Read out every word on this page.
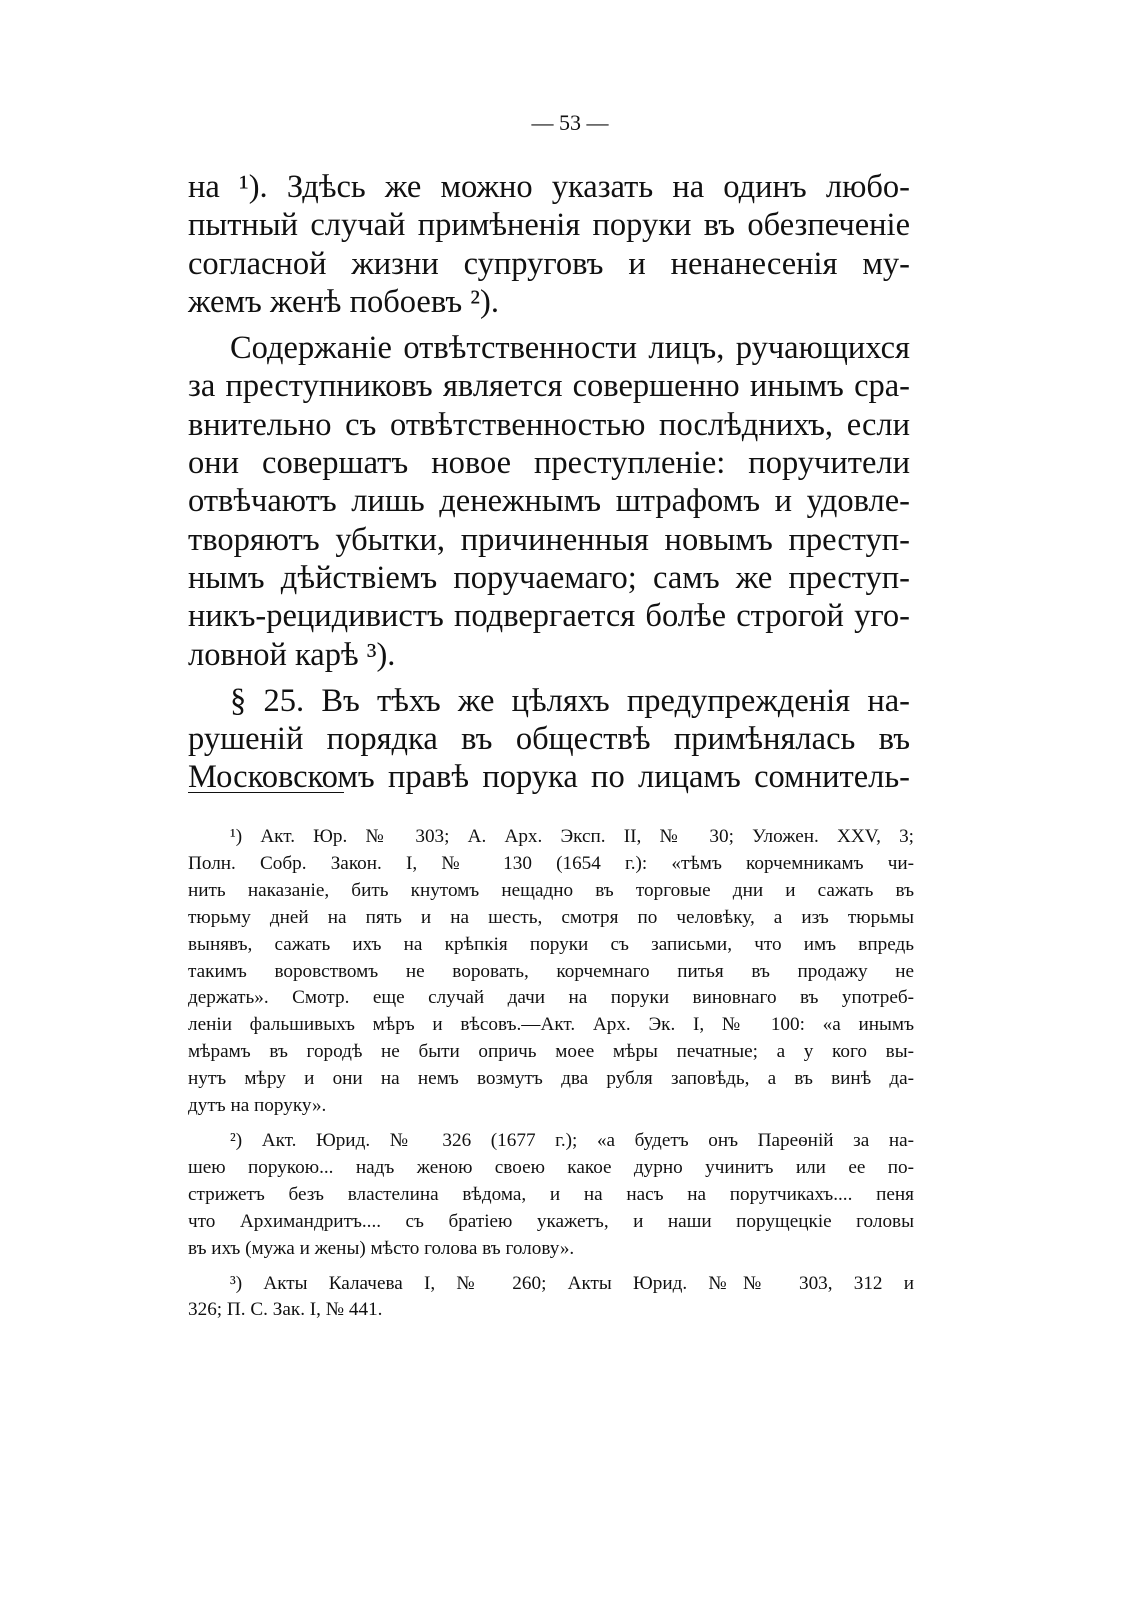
— 53 —
на ¹). Здѣсь же можно указать на одинъ любо-
пытный случай примѣненія поруки въ обезпеченіе
согласной жизни супруговъ и ненанесенія му-
жемъ женѣ побоевъ ²).
Содержаніе отвѣтственности лицъ, ручающихся
за преступниковъ является совершенно инымъ сра-
внительно съ отвѣтственностью послѣднихъ, если
они совершатъ новое преступленіе: поручители
отвѣчаютъ лишь денежнымъ штрафомъ и удовле-
творяютъ убытки, причиненныя новымъ преступ-
нымъ дѣйствіемъ поручаемаго; самъ же преступ-
никъ-рецидивистъ подвергается болѣе строгой уго-
ловной карѣ ³).
§ 25. Въ тѣхъ же цѣляхъ предупрежденія на-
рушеній порядка въ обществѣ примѣнялась въ
Московскомъ правѣ порука по лицамъ сомнитель-
¹) Акт. Юр. № 303; А. Арх. Эксп. II, № 30; Уложен. XXV, 3;
Полн. Собр. Закон. I, № 130 (1654 г.): «тѣмъ корчемникамъ чи-
нить наказаніе, бить кнутомъ нещадно въ торговые дни и сажать въ
тюрьму дней на пять и на шесть, смотря по человѣку, а изъ тюрьмы
вынявъ, сажать ихъ на крѣпкія поруки съ записьми, что имъ впредь
такимъ воровствомъ не воровать, корчемнаго питья въ продажу не
держать». Смотр. еще случай дачи на поруки виновнаго въ употреб-
леніи фальшивыхъ мѣръ и вѣсовъ.—Акт. Арх. Эк. I, № 100: «а инымъ
мѣрамъ въ городѣ не быти опричь моее мѣры печатные; а у кого вы-
нутъ мѣру и они на немъ возмутъ два рубля заповѣдь, а въ винѣ да-
дутъ на поруку».
²) Акт. Юрид. № 326 (1677 г.); «а будетъ онъ Пареѳній за на-
шею порукою... надъ женою своею какое дурно учинитъ или ее по-
стрижетъ безъ властелина вѣдома, и на насъ на порутчикахъ.... пеня
что Архимандритъ.... съ братіею укажетъ, и наши порущецкіе головы
въ ихъ (мужа и жены) мѣсто голова въ голову».
³) Акты Калачева I, № 260; Акты Юрид. №№ 303, 312 и
326; П. С. Зак. I, № 441.
